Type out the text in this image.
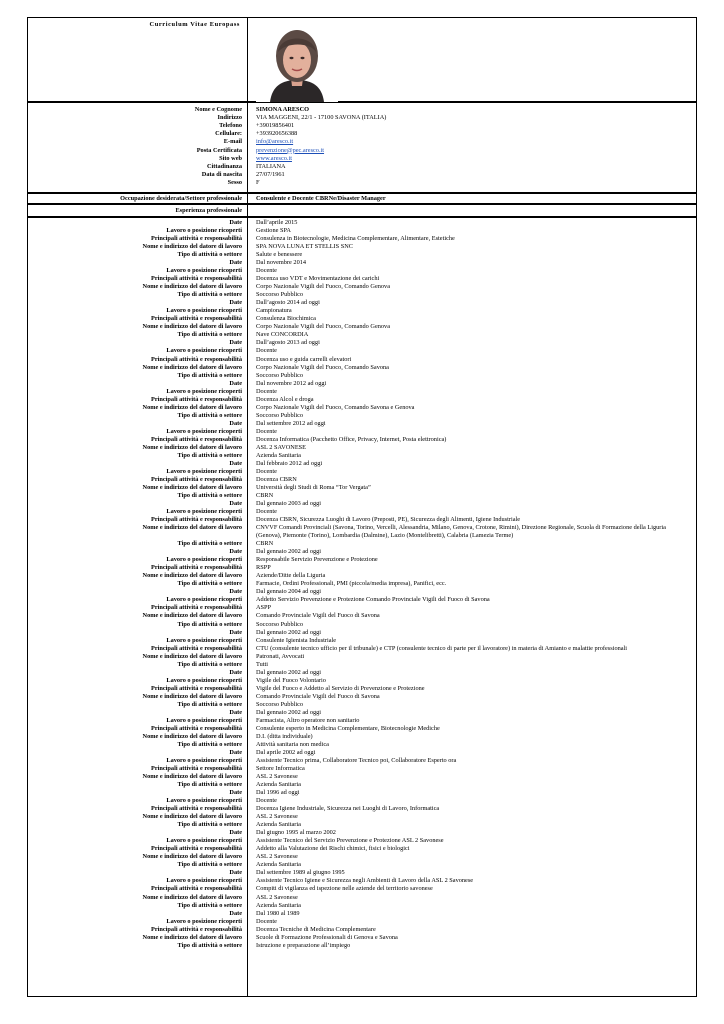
Curriculum Vitae Europass
Nome e Cognome SIMONA ARESCO
Indirizzo VIA MAGGENI, 22/1 - 17100 SAVONA (ITALIA)
Telefono +39019856401
Cellulare: +393920656388
E-mail info@aresco.it
Posta Certificata prevenzione@pec.aresco.it
Sito web www.aresco.it
Cittadinanza ITALIANA
Data di nascita 27/07/1961
Sesso F
Occupazione desiderata/Settore professionale Consulente e Docente CBRNe/Disaster Manager
Esperienza professionale
Date Dall’aprile 2015
Lavoro o posizione ricoperti Gestione SPA
Principali attività e responsabilità Consulenza in Biotecnologie, Medicina Complementare, Alimentare, Estetiche
Nome e indirizzo del datore di lavoro SPA NOVA LUNA ET STELLIS SNC
Tipo di attività o settore Salute e benessere
Date Dal novembre 2014
Lavoro o posizione ricoperti Docente
Principali attività e responsabilità Docenza uso VDT e Movimentazione dei carichi
Nome e indirizzo del datore di lavoro Corpo Nazionale Vigili del Fuoco, Comando Genova
Tipo di attività o settore Soccorso Pubblico
Date Dall’agosto 2014 ad oggi
Lavoro o posizione ricoperti Campionatura
Principali attività e responsabilità Consulenza Biochimica
Nome e indirizzo del datore di lavoro Corpo Nazionale Vigili del Fuoco, Comando Genova
Tipo di attività o settore Nave CONCORDIA
Date Dall’agosto 2013 ad oggi
Lavoro o posizione ricoperti Docente
Principali attività e responsabilità Docenza uso e guida carrelli elevatori
Nome e indirizzo del datore di lavoro Corpo Nazionale Vigili del Fuoco, Comando Savona
Tipo di attività o settore Soccorso Pubblico
Date Dal novembre 2012 ad oggi
Lavoro o posizione ricoperti Docente
Principali attività e responsabilità Docenza Alcol e droga
Nome e indirizzo del datore di lavoro Corpo Nazionale Vigili del Fuoco, Comando Savona e Genova
Tipo di attività o settore Soccorso Pubblico
Date Dal settembre 2012 ad oggi
Lavoro o posizione ricoperti Docente
Principali attività e responsabilità Docenza Informatica (Pacchetto Office, Privacy, Internet, Posta elettronica)
Nome e indirizzo del datore di lavoro ASL 2 SAVONESE
Tipo di attività o settore Azienda Sanitaria
Date Dal febbraio 2012 ad oggi
Lavoro o posizione ricoperti Docente
Principali attività e responsabilità Docenza CBRN
Nome e indirizzo del datore di lavoro Università degli Studi di Roma “Tor Vergata”
Tipo di attività o settore CBRN
Date Dal gennaio 2003 ad oggi
Lavoro o posizione ricoperti Docente
Principali attività e responsabilità Docenza CBRN, Sicurezza Luoghi di Lavoro (Preposti, PE), Sicurezza degli Alimenti, Igiene Industriale
Nome e indirizzo del datore di lavoro CNVVF Comandi Provinciali (Savona, Torino, Vercelli, Alessandria, Milano, Genova, Crotone, Rimini), Direzione Regionale, Scuola di Formazione della Liguria (Genova), Piemonte (Torino), Lombardia (Dalmine), Lazio (Montelibretti), Calabria (Lamezia Terme)
Tipo di attività o settore CBRN
Date Dal gennaio 2002 ad oggi
Lavoro o posizione ricoperti Responsabile Servizio Prevenzione e Protezione
Principali attività e responsabilità RSPP
Nome e indirizzo del datore di lavoro Aziende/Ditte della Liguria
Tipo di attività o settore Farmacie, Ordini Professionali, PMI (piccola/media impresa), Panifici, ecc.
Date Dal gennaio 2004 ad oggi
Lavoro o posizione ricoperti Addetto Servizio Prevenzione e Protezione Comando Provinciale Vigili del Fuoco di Savona
Principali attività e responsabilità ASPP
Nome e indirizzo del datore di lavoro Comando Provinciale Vigili del Fuoco di Savona
Tipo di attività o settore Soccorso Pubblico
Date Dal gennaio 2002 ad oggi
Lavoro o posizione ricoperti Consulente Igienista Industriale
Principali attività e responsabilità CTU (consulente tecnico ufficio per il tribunale) e CTP (consulente tecnico di parte per il lavoratore) in materia di Amianto e malattie professionali
Nome e indirizzo del datore di lavoro Patronati, Avvocati
Tipo di attività o settore Tutti
Date Dal gennaio 2002 ad oggi
Lavoro o posizione ricoperti Vigile del Fuoco Volontario
Principali attività e responsabilità Vigile del Fuoco e Addetto al Servizio di Prevenzione e Protezione
Nome e indirizzo del datore di lavoro Comando Provinciale Vigili del Fuoco di Savona
Tipo di attività o settore Soccorso Pubblico
Date Dal gennaio 2002 ad oggi
Lavoro o posizione ricoperti Farmacista, Altro operatore non sanitario
Principali attività e responsabilità Consulente esperto in Medicina Complementare, Biotecnologie Mediche
Nome e indirizzo del datore di lavoro D.I. (ditta individuale)
Tipo di attività o settore Attività sanitaria non medica
Date Dal aprile 2002 ad oggi
Lavoro o posizione ricoperti Assistente Tecnico prima, Collaboratore Tecnico poi, Collaboratore Esperto ora
Principali attività e responsabilità Settore Informatica
Nome e indirizzo del datore di lavoro ASL 2 Savonese
Tipo di attività o settore Azienda Sanitaria
Date Dal 1996 ad oggi
Lavoro o posizione ricoperti Docente
Principali attività e responsabilità Docenza Igiene Industriale, Sicurezza nei Luoghi di Lavoro, Informatica
Nome e indirizzo del datore di lavoro ASL 2 Savonese
Tipo di attività o settore Azienda Sanitaria
Date Dal giugno 1995 al marzo 2002
Lavoro o posizione ricoperti Assistente Tecnico del Servizio Prevenzione e Protezione ASL 2 Savonese
Principali attività e responsabilità Addetto alla Valutazione dei Rischi chimici, fisici e biologici
Nome e indirizzo del datore di lavoro ASL 2 Savonese
Tipo di attività o settore Azienda Sanitaria
Date Dal settembre 1989 al giugno 1995
Lavoro o posizione ricoperti Assistente Tecnico Igiene e Sicurezza negli Ambienti di Lavoro della ASL 2 Savonese
Principali attività e responsabilità Compiti di vigilanza ed ispezione nelle aziende del territorio savonese
Nome e indirizzo del datore di lavoro ASL 2 Savonese
Tipo di attività o settore Azienda Sanitaria
Date Dal 1980 al 1989
Lavoro o posizione ricoperti Docente
Principali attività e responsabilità Docenza Tecniche di Medicina Complementare
Nome e indirizzo del datore di lavoro Scuole di Formazione Professionali di Genova e Savona
Tipo di attività o settore Istruzione e preparazione all’impiego
